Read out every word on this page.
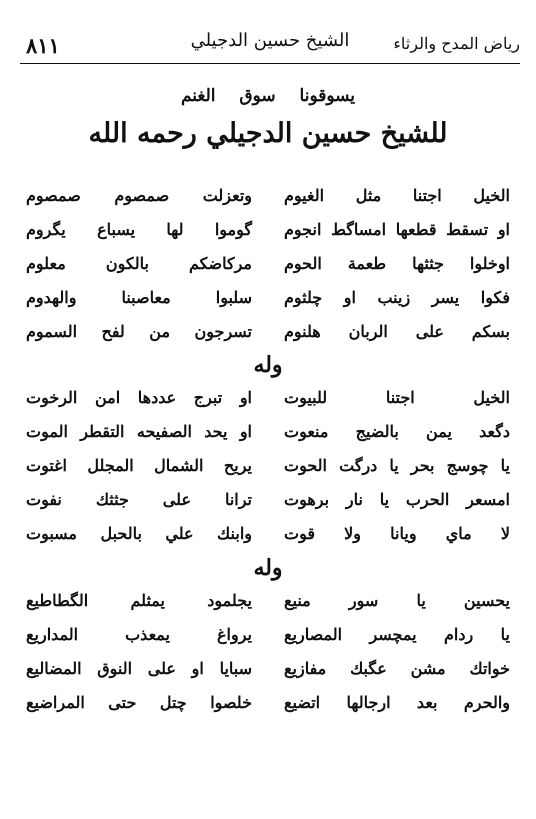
رياض المدح والرثاء
الشيخ حسين الدجيلي
٨١١
يسوقونا سوق الغنم
للشيخ حسين الدجيلي رحمه الله
الخيل اجتنا مثل الغيوم
وتعزلت صمصوم صمصوم
او تسقط قطعها امساگط انجوم
گوموا لها يسباع يگروم
اوخلوا جثثها طعمة الحوم
مركاضكم بالكون معلوم
فكوا يسر زينب او چلثوم
سلبوا معاصبنا والهدوم
بسكم على الربان هلنوم
تسرجون من لفح السموم
وله
الخيل اجتنا للبيوت
او تبرج عددها امن الرخوت
دگعد يمن بالضيج منعوت
او يحد الصفيحه التقطر الموت
يا چوسج بحر يا درگت الحوت
يريح الشمال المجلل اغتوت
امسعر الحرب يا نار برهوت
ترانا على جثثك نفوت
لا ماي ويانا ولا قوت
وابنك علي بالحبل مسبوت
وله
يحسين يا سور منيع
يجلمود يمثلم الگطاطيع
يا ردام يمچسر المصاريع
يرواغ يمعذب المداريع
خواتك مشن عگبك مفازيع
سبايا او على النوق المضاليع
والحرم بعد ارجالها اتضيع
خلصوا چتل حتى المراضيع
